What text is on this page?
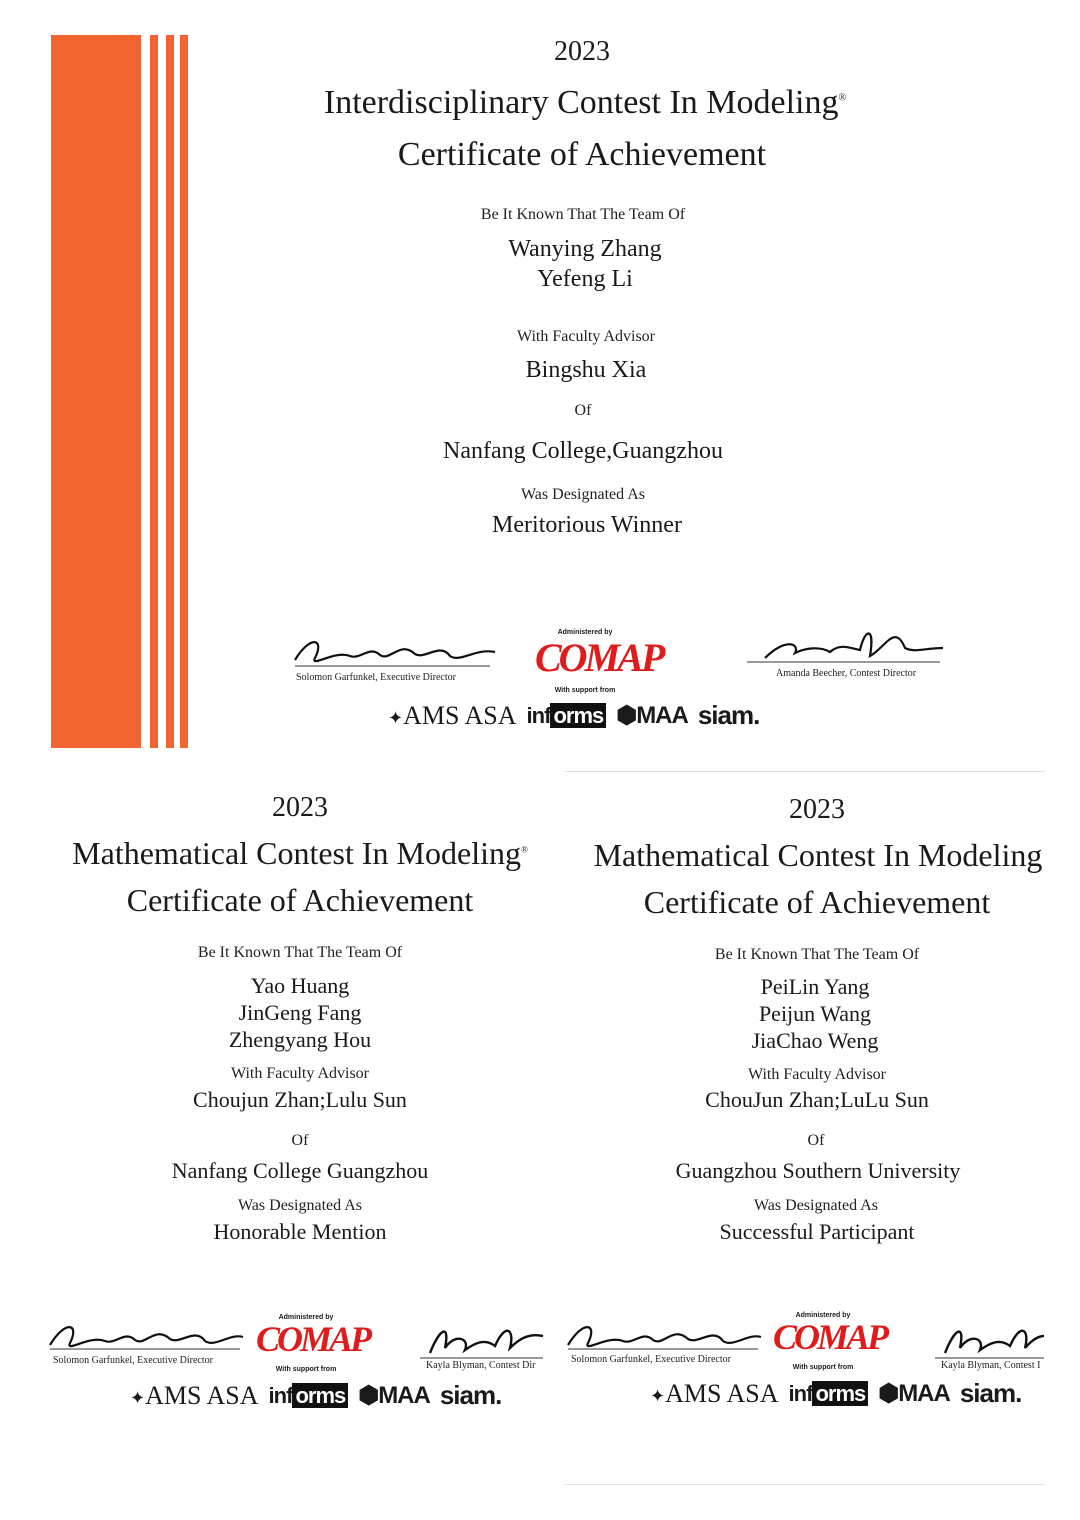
2023
Interdisciplinary Contest In Modeling®
Certificate of Achievement
Be It Known That The Team Of
Wanying Zhang
Yefeng Li
With Faculty Advisor
Bingshu Xia
Of
Nanfang College,Guangzhou
Was Designated As
Meritorious Winner
Solomon Garfunkel, Executive Director
Administered by
COMAP
With support from
Amanda Beecher, Contest Director
✦AMS ASA inf orms ⬢MAA siam.
2023
Mathematical Contest In Modeling®
Certificate of Achievement
Be It Known That The Team Of
Yao Huang
JinGeng Fang
Zhengyang Hou
With Faculty Advisor
Choujun Zhan;Lulu Sun
Of
Nanfang College Guangzhou
Was Designated As
Honorable Mention
Solomon Garfunkel, Executive Director
Administered by
COMAP
With support from	Kayla Blyman, Contest Dir
✦AMS ASA inf orms ⬢MAA siam.
2023
Mathematical Contest In Modeling
Certificate of Achievement
Be It Known That The Team Of
PeiLin Yang
Peijun Wang
JiaChao Weng
With Faculty Advisor
ChouJun Zhan;LuLu Sun
Of
Guangzhou Southern University
Was Designated As
Successful Participant
Solomon Garfunkel, Executive Director
Administered by
COMAP
With support from	Kayla Blyman, Contest I
✦AMS ASA inf orms ⬢MAA siam.
